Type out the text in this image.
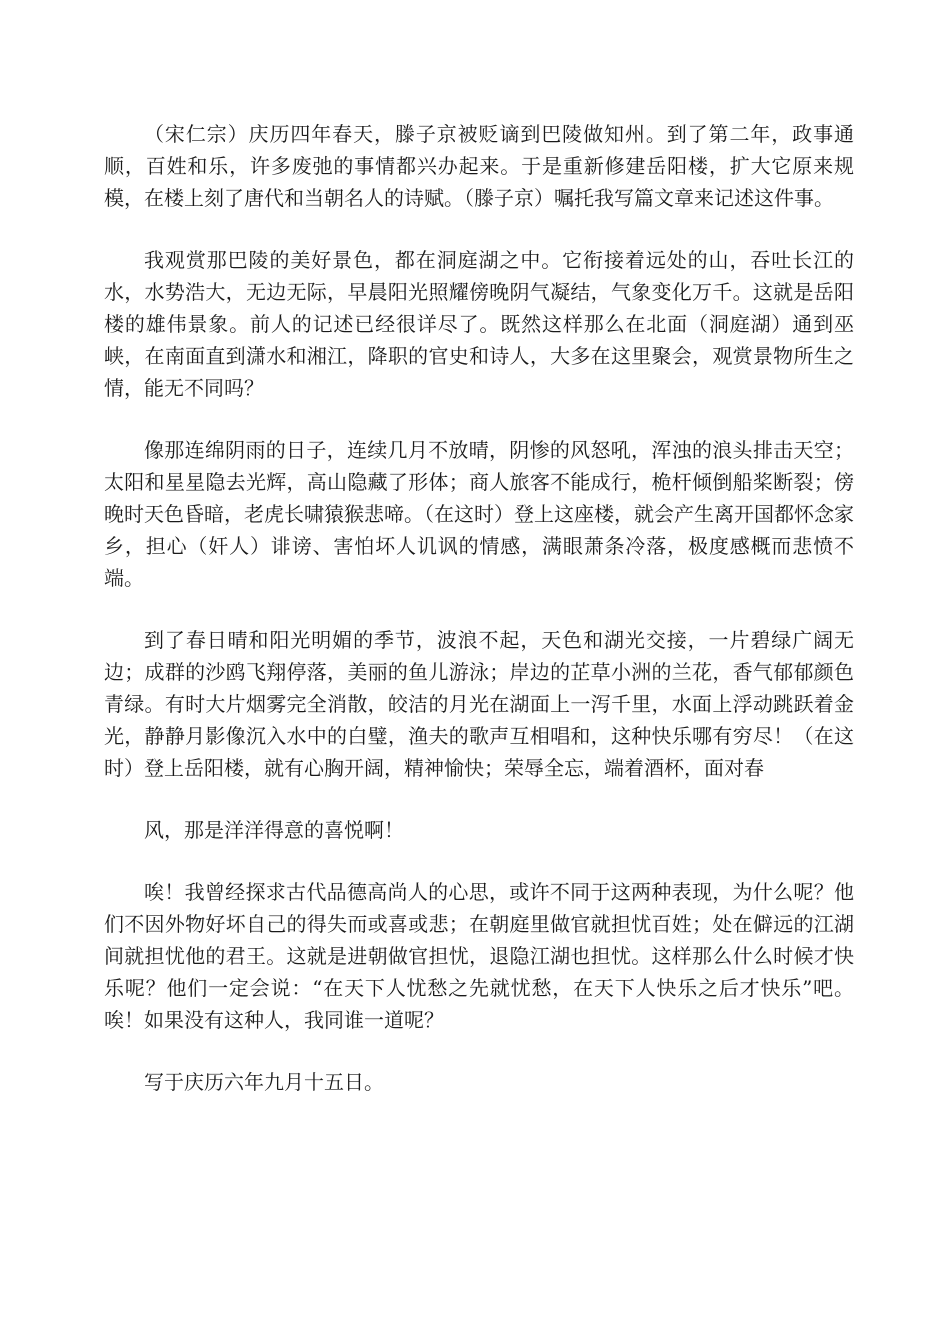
（宋仁宗）庆历四年春天，滕子京被贬谪到巴陵做知州。到了第二年，政事通顺，百姓和乐，许多废弛的事情都兴办起来。于是重新修建岳阳楼，扩大它原来规模，在楼上刻了唐代和当朝名人的诗赋。（滕子京）嘱托我写篇文章来记述这件事。

我观赏那巴陵的美好景色，都在洞庭湖之中。它衔接着远处的山，吞吐长江的水，水势浩大，无边无际，早晨阳光照耀傍晚阴气凝结，气象变化万千。这就是岳阳楼的雄伟景象。前人的记述已经很详尽了。既然这样那么在北面（洞庭湖）通到巫峡，在南面直到潇水和湘江，降职的官史和诗人，大多在这里聚会，观赏景物所生之情，能无不同吗？

像那连绵阴雨的日子，连续几月不放晴，阴惨的风怒吼，浑浊的浪头排击天空；太阳和星星隐去光辉，高山隐藏了形体；商人旅客不能成行，桅杆倾倒船桨断裂；傍晚时天色昏暗，老虎长啸猿猴悲啼。（在这时）登上这座楼，就会产生离开国都怀念家乡，担心（奸人）诽谤、害怕坏人讥讽的情感，满眼萧条冷落，极度感概而悲愤不端。

到了春日晴和阳光明媚的季节，波浪不起，天色和湖光交接，一片碧绿广阔无边；成群的沙鸥飞翔停落，美丽的鱼儿游泳；岸边的芷草小洲的兰花，香气郁郁颜色青绿。有时大片烟雾完全消散，皎洁的月光在湖面上一泻千里，水面上浮动跳跃着金光，静静月影像沉入水中的白璧，渔夫的歌声互相唱和，这种快乐哪有穷尽！（在这时）登上岳阳楼，就有心胸开阔，精神愉快；荣辱全忘，端着酒杯，面对春

风，那是洋洋得意的喜悦啊！

唉！我曾经探求古代品德高尚人的心思，或许不同于这两种表现，为什么呢？他们不因外物好坏自己的得失而或喜或悲；在朝庭里做官就担忧百姓；处在僻远的江湖间就担忧他的君王。这就是进朝做官担忧，退隐江湖也担忧。这样那么什么时候才快乐呢？他们一定会说：“在天下人忧愁之先就忧愁，在天下人快乐之后才快乐”吧。唉！如果没有这种人，我同谁一道呢？

写于庆历六年九月十五日。
